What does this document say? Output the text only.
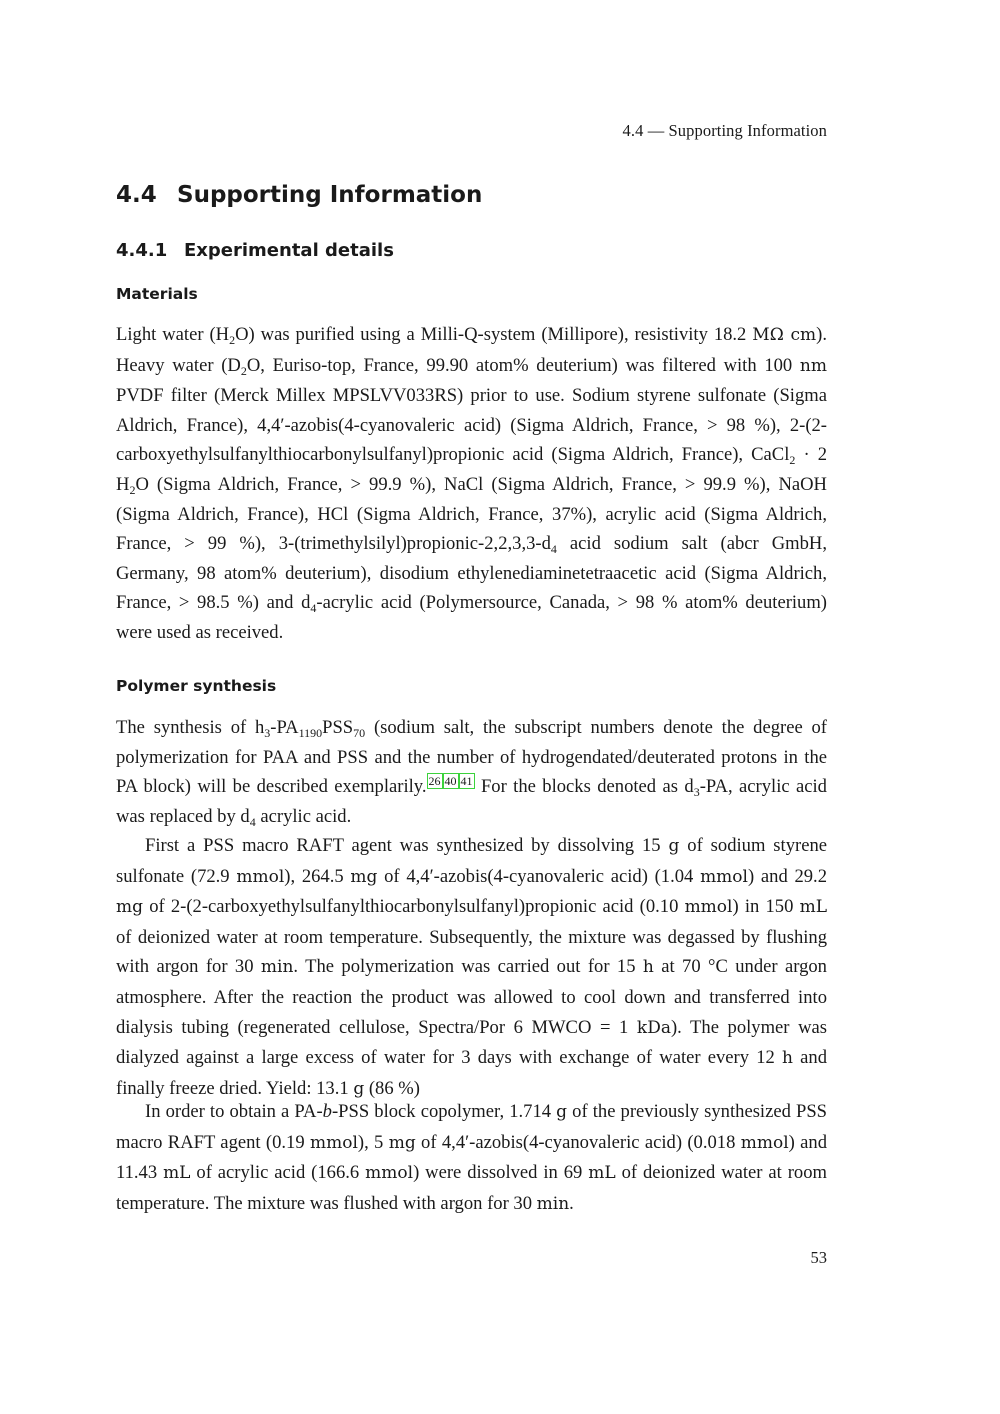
4.4 — Supporting Information
4.4 Supporting Information
4.4.1 Experimental details
Materials

Light water $(H_2O)$ was purified using a Milli-Q-system (Millipore), resistivity 18.2 MΩ cm). Heavy water ($D_2O$, Euriso-top, France, 99.90 atom% deuterium) was filtered with 100 nm PVDF filter (Merck Millex MPSLVV033RS) prior to use. Sodium styrene sulfonate (Sigma Aldrich, France), 4,4′-azobis(4-cyanovaleric acid) (Sigma Aldrich, France, > 98 %), 2-(2-carboxyethylsulfanylthiocarbonylsulfanyl)propionic acid (Sigma Aldrich, France), CaCl$_2$ · 2 $H_2O$ (Sigma Aldrich, France, > 99.9 %), NaCl (Sigma Aldrich, France, > 99.9 %), NaOH (Sigma Aldrich, France), HCl (Sigma Aldrich, France, 37%), acrylic acid (Sigma Aldrich, France, > 99 %), $3-(trimethylsilyl)propionic-2,2,3,3-d_4$ acid sodium salt (abcr GmbH, Germany, 98 atom% deuterium), disodium ethylenediaminetetraacetic acid (Sigma Aldrich, France, > 98.5 %) and $d_4$-acrylic acid (Polymersource, Canada, > 98 % atom% deuterium) were used as received.

Polymer synthesis

The synthesis of $h_3-PA_{1190}PSS_{70}$ (sodium salt, the subscript numbers denote the degree of polymerization for PAA and PSS and the number of hydrogendated/deuterated protons in the PA block) will be described exemplarily. $^{26}$ $^{40}$ $^{41}$ For the blocks denoted as $d_3-PA$, acrylic acid was replaced by $d_4$ acrylic acid.

First a PSS macro RAFT agent was synthesized by dissolving 15 g of sodium styrene sulfonate (72.9 mmol), 264.5 mg of 4,4′-azobis(4-cyanovaleric acid) (1.04 mmol) and 29.2 mg of 2-(2-carboxyethylsulfanylthiocarbonylsulfanyl)propionic acid (0.10 mmol) in 150 mL of deionized water at room temperature. Subsequently, the mixture was degassed by flushing with argon for 30 min. The polymerization was carried out for 15 h at 70 °C under argon atmosphere. After the reaction the product was allowed to cool down and transferred into dialysis tubing (regenerated cellulose, Spectra/Por 6 MWCO = 1 kDa). The polymer was dialyzed against a large excess of water for 3 days with exchange of water every 12 h and finally freeze dried. Yield: 13.1 g (86 %)

In order to obtain a PA-b-PSS block copolymer, 1.714 g of the previously synthesized PSS macro RAFT agent (0.19 mmol), 5 mg of 4,4′-azobis(4-cyanovaleric acid) (0.018 mmol) and 11.43 mL of acrylic acid (166.6 mmol) were dissolved in 69 mL of deionized water at room temperature. The mixture was flushed with argon for 30 min.

53
